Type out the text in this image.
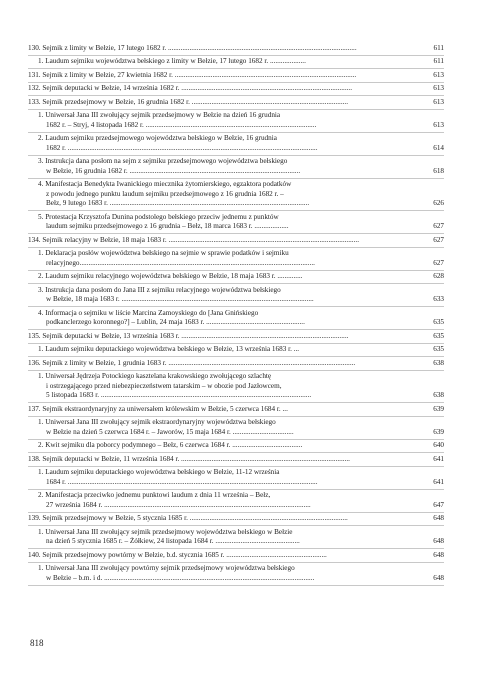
130. Sejmik z limity w Bełzie, 17 lutego 1682 r. .........................................................................................................	611
1. Laudum sejmiku województwa bełskiego z limity w Bełzie, 17 lutego 1682 r. ....................	611
131. Sejmik z limity w Bełzie, 27 kwietnia 1682 r. .....................................................................................................	613
132. Sejmik deputacki w Bełzie, 14 września 1682 r. ...............................................................................................	613
133. Sejmik przedsejmowy w Bełzie, 16 grudnia 1682 r. .......................................................................................	613
1. Uniwersał Jana III zwołujący sejmik przedsejmowy w Bełzie na dzień 16 grudnia
1682 r. – Stryj, 4 listopada 1682 r. ...............................................................................................	613
2. Laudum sejmiku przedsejmowego województwa bełskiego w Bełzie, 16 grudnia
1682 r. ...........................................................................................................................................	614
3. Instrukcja dana posłom na sejm z sejmiku przedsejmowego województwa bełskiego
w Bełzie, 16 grudnia 1682 r. ...............................................................................................	618
4. Manifestacja Benedykta Iwanickiego miecznika żytomierskiego, egzaktora podatków
z powodu jednego punktu laudum sejmiku przedsejmowego z 16 grudnia 1682 r. –
Bełz, 9 lutego 1683 r. ...............................................................................................................	626
5. Protestacja Krzysztofa Dunina podstolego bełskiego przeciw jednemu z punktów
laudum sejmiku przedsejmowego z 16 grudnia – Bełz, 18 marca 1683 r. ...................	627
134. Sejmik relacyjny w Bełzie, 18 maja 1683 r. ..........................................................................................................	627
1. Deklaracja posłów województwa bełskiego na sejmie w sprawie podatków i sejmiku
relacyjnego...................................................................................................................................	627
2. Laudum sejmiku relacyjnego województwa bełskiego w Bełzie, 18 maja 1683 r. ..............	628
3. Instrukcja dana posłom do Jana III z sejmiku relacyjnego województwa bełskiego
w Bełzie, 18 maja 1683 r. ...........................................................................................................	633
4. Informacja o sejmiku w liście Marcina Zamoyskiego do [Jana Gnińskiego
podkanclerzego koronnego?] – Lublin, 24 maja 1683 r. .......................................................	635
135. Sejmik deputacki w Bełzie, 13 września 1683 r. .............................................................................................	635
1. Laudum sejmiku deputackiego województwa bełskiego w Bełzie, 13 września 1683 r. ...	635
136. Sejmik z limity w Bełzie, 1 grudnia 1683 r. ........................................................................................................	638
1. Uniwersał Jędrzeja Potockiego kasztelana krakowskiego zwołującego szlachtę
i ostrzegającego przed niebezpieczeństwem tatarskim – w obozie pod Jazłowcem,
5 listopada 1683 r. .....................................................................................................................	638
137. Sejmik ekstraordynaryjny za uniwersałem królewskim w Bełzie, 5 czerwca 1684 r. ...	639
1. Uniwersał Jana III zwołujący sejmik ekstraordynaryjny województwa bełskiego
w Bełzie na dzień 5 czerwca 1684 r. – Jaworów, 15 maja 1684 r. ..................................	639
2. Kwit sejmiku dla poborcy podymnego – Bełz, 6 czerwca 1684 r. .......................................	640
138. Sejmik deputacki w Bełzie, 11 września 1684 r. ..............................................................................................	641
1. Laudum sejmiku deputackiego województwa bełskiego w Bełzie, 11-12 września
1684 r. ...........................................................................................................................................	641
2. Manifestacja przeciwko jednemu punktowi laudum z dnia 11 września – Bełz,
27 września 1684 r. ...................................................................................................................	647
139. Sejmik przedsejmowy w Bełzie, 5 stycznia 1685 r. ........................................................................................	648
1. Uniwersał Jana III zwołujący sejmik przedsejmowy województwa bełskiego w Bełzie
na dzień 5 stycznia 1685 r. – Żółkiew, 24 listopada 1684 r. ...............................................	648
140. Sejmik przedsejmowy powtórny w Bełzie, b.d. stycznia 1685 r. ........................................................	648
1. Uniwersał Jana III zwołujący powtórny sejmik przedsejmowy województwa bełskiego
w Bełzie – b.m. i d. .....................................................................................................................	648
818
